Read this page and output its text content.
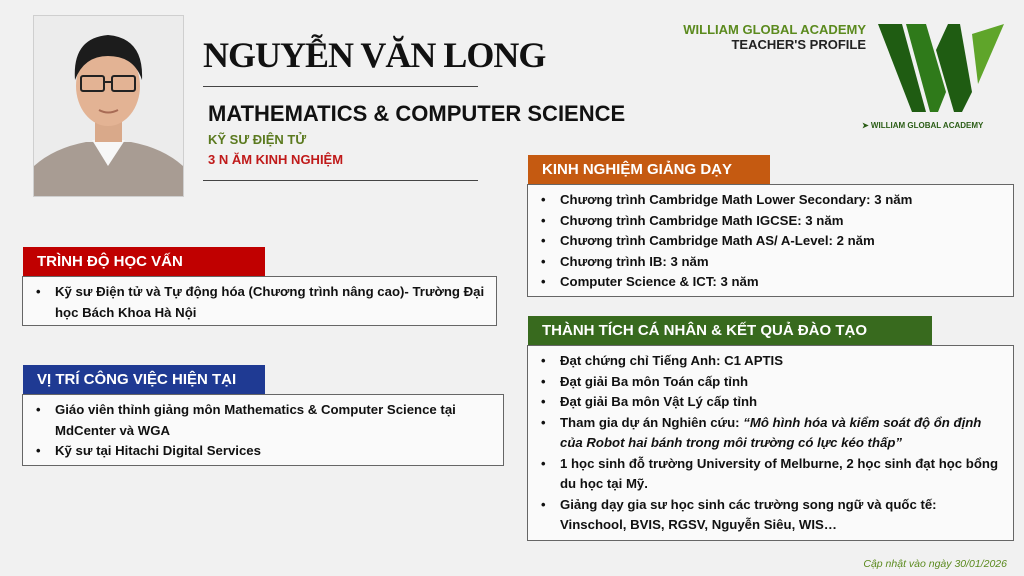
NGUYỄN VĂN LONG
MATHEMATICS & COMPUTER SCIENCE
KỸ SƯ ĐIỆN TỬ
3 N ĂM KINH NGHIỆM
WILLIAM GLOBAL ACADEMY
TEACHER'S PROFILE
➤ WILLIAM GLOBAL ACADEMY
TRÌNH ĐỘ HỌC VẤN
• Kỹ sư Điện tử và Tự động hóa (Chương trình nâng cao)- Trường Đại học Bách Khoa Hà Nội
VỊ TRÍ CÔNG VIỆC HIỆN TẠI
• Giáo viên thỉnh giảng môn Mathematics & Computer Science tại MdCenter và WGA
• Kỹ sư tại Hitachi Digital Services
KINH NGHIỆM GIẢNG DẠY
• Chương trình Cambridge Math Lower Secondary: 3 năm
• Chương trình Cambridge Math IGCSE: 3 năm
• Chương trình Cambridge Math AS/ A-Level: 2 năm
• Chương trình IB: 3 năm
• Computer Science & ICT: 3 năm
THÀNH TÍCH CÁ NHÂN & KẾT QUẢ ĐÀO TẠO
• Đạt chứng chỉ Tiếng Anh: C1 APTIS
• Đạt giải Ba môn Toán cấp tỉnh
• Đạt giải Ba môn Vật Lý cấp tỉnh
• Tham gia dự án Nghiên cứu: “Mô hình hóa và kiểm soát độ ổn định của Robot hai bánh trong môi trường có lực kéo thấp”
• 1 học sinh đỗ trường University of Melburne, 2 học sinh đạt học bổng du học tại Mỹ.
• Giảng dạy gia sư học sinh các trường song ngữ và quốc tế: Vinschool, BVIS, RGSV, Nguyễn Siêu, WIS…
Cập nhật vào ngày 30/01/2026
